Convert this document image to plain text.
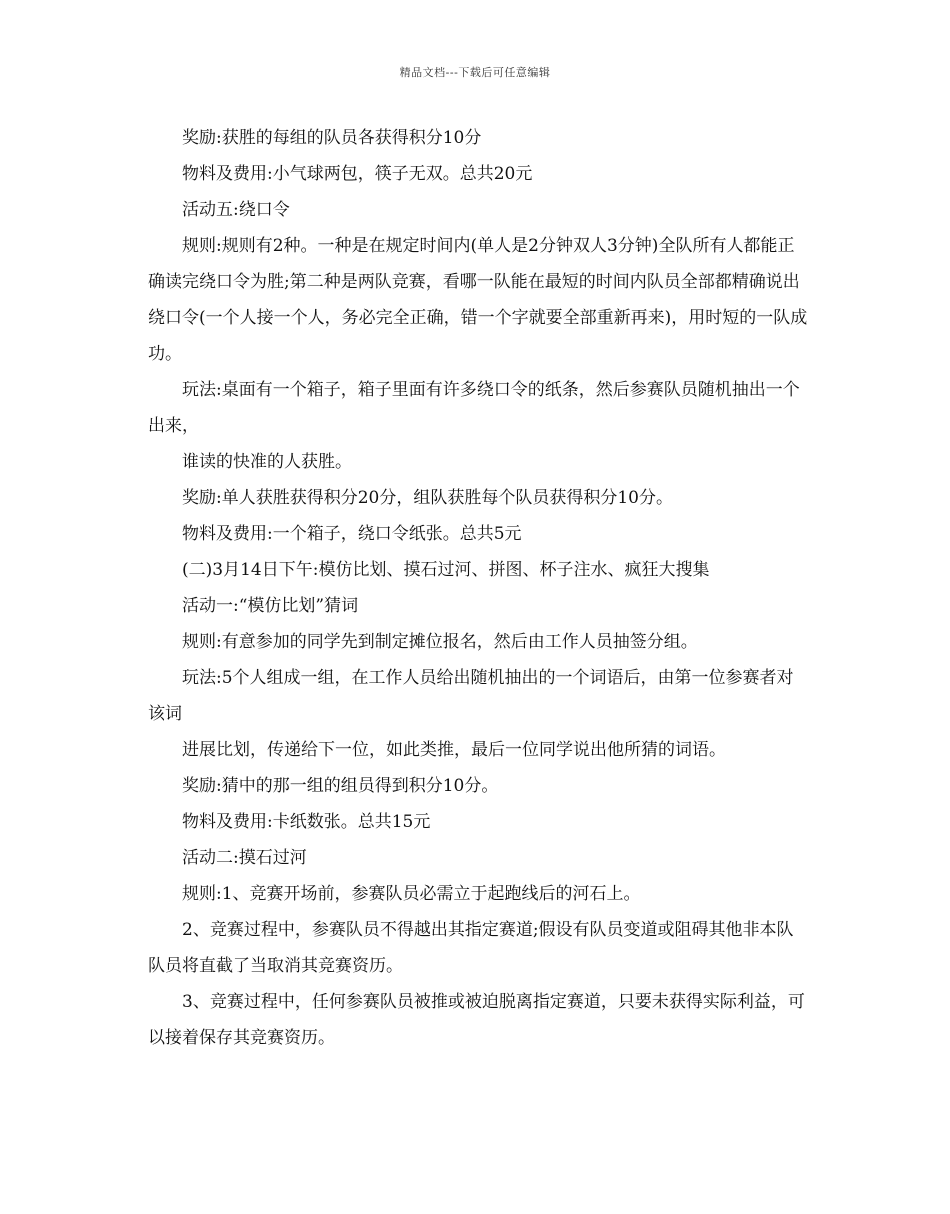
精品文档---下载后可任意编辑

奖励:获胜的每组的队员各获得积分10分

物料及费用:小气球两包，筷子无双。总共20元

活动五:绕口令

规则:规则有2种。一种是在规定时间内(单人是2分钟双人3分钟)全队所有人都能正确读完绕口令为胜;第二种是两队竞赛，看哪一队能在最短的时间内队员全部都精确说出绕口令(一个人接一个人，务必完全正确，错一个字就要全部重新再来)，用时短的一队成功。

玩法:桌面有一个箱子，箱子里面有许多绕口令的纸条，然后参赛队员随机抽出一个出来，

谁读的快准的人获胜。

奖励:单人获胜获得积分20分，组队获胜每个队员获得积分10分。

物料及费用:一个箱子，绕口令纸张。总共5元

(二)3月14日下午:模仿比划、摸石过河、拼图、杯子注水、疯狂大搜集

活动一:“模仿比划”猜词

规则:有意参加的同学先到制定摊位报名，然后由工作人员抽签分组。

玩法:5个人组成一组，在工作人员给出随机抽出的一个词语后，由第一位参赛者对该词

进展比划，传递给下一位，如此类推，最后一位同学说出他所猜的词语。

奖励:猜中的那一组的组员得到积分10分。

物料及费用:卡纸数张。总共15元

活动二:摸石过河

规则:1、竞赛开场前，参赛队员必需立于起跑线后的河石上。

2、竞赛过程中，参赛队员不得越出其指定赛道;假设有队员变道或阻碍其他非本队队员将直截了当取消其竞赛资历。

3、竞赛过程中，任何参赛队员被推或被迫脱离指定赛道，只要未获得实际利益，可以接着保存其竞赛资历。
